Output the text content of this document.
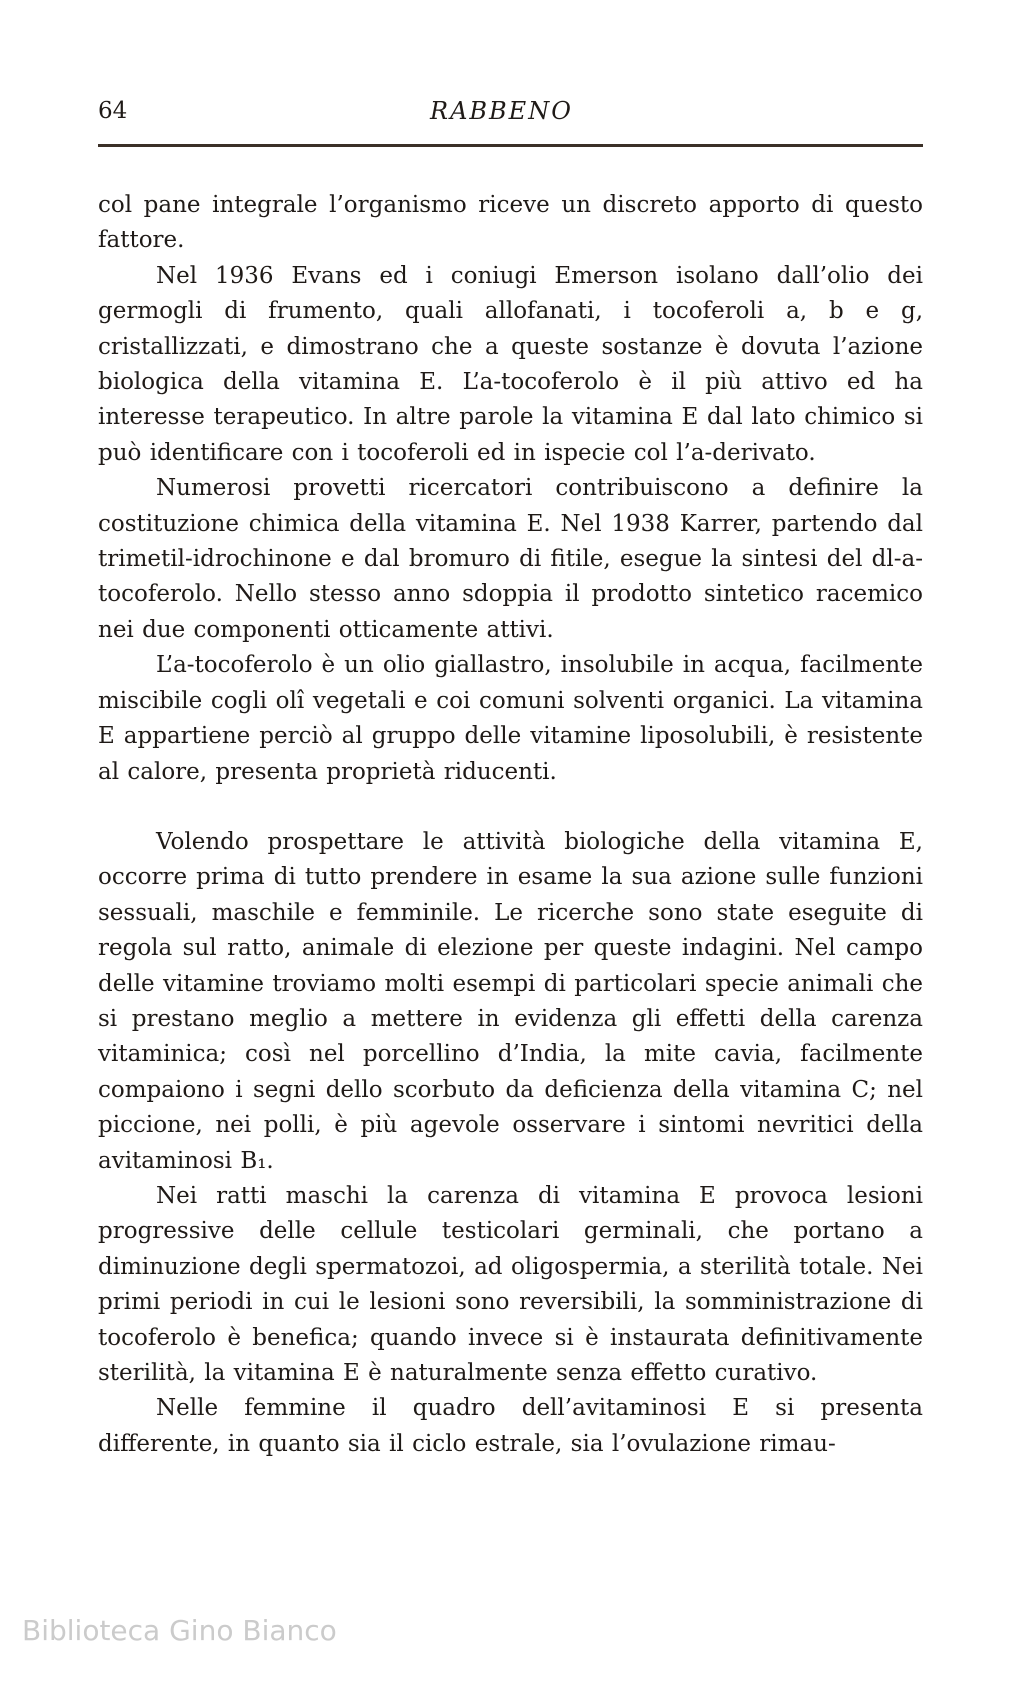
64	RABBENO

col pane integrale l’organismo riceve un discreto apporto di questo fattore.

Nel 1936 Evans ed i coniugi Emerson isolano dall’olio dei germogli di frumento, quali allofanati, i tocoferoli a, b e g, cristallizzati, e dimostrano che a queste sostanze è dovuta l’azione biologica della vitamina E. L’a-tocoferolo è il più attivo ed ha interesse terapeutico. In altre parole la vitamina E dal lato chimico si può identificare con i tocoferoli ed in ispecie col l’a-derivato.

Numerosi provetti ricercatori contribuiscono a definire la costituzione chimica della vitamina E. Nel 1938 Karrer, partendo dal trimetil-idrochinone e dal bromuro di fitile, esegue la sintesi del dl-a-tocoferolo. Nello stesso anno sdoppia il prodotto sintetico racemico nei due componenti otticamente attivi.

L’a-tocoferolo è un olio giallastro, insolubile in acqua, facilmente miscibile cogli olî vegetali e coi comuni solventi organici. La vitamina E appartiene perciò al gruppo delle vitamine liposolubili, è resistente al calore, presenta proprietà riducenti.

Volendo prospettare le attività biologiche della vitamina E, occorre prima di tutto prendere in esame la sua azione sulle funzioni sessuali, maschile e femminile. Le ricerche sono state eseguite di regola sul ratto, animale di elezione per queste indagini. Nel campo delle vitamine troviamo molti esempi di particolari specie animali che si prestano meglio a mettere in evidenza gli effetti della carenza vitaminica; così nel porcellino d’India, la mite cavia, facilmente compaiono i segni dello scorbuto da deficienza della vitamina C; nel piccione, nei polli, è più agevole osservare i sintomi nevritici della avitaminosi B₁.

Nei ratti maschi la carenza di vitamina E provoca lesioni progressive delle cellule testicolari germinali, che portano a diminuzione degli spermatozoi, ad oligospermia, a sterilità totale. Nei primi periodi in cui le lesioni sono reversibili, la somministrazione di tocoferolo è benefica; quando invece si è instaurata definitivamente sterilità, la vitamina E è naturalmente senza effetto curativo.

Nelle femmine il quadro dell’avitaminosi E si presenta differente, in quanto sia il ciclo estrale, sia l’ovulazione rimau-

Biblioteca Gino Bianco
